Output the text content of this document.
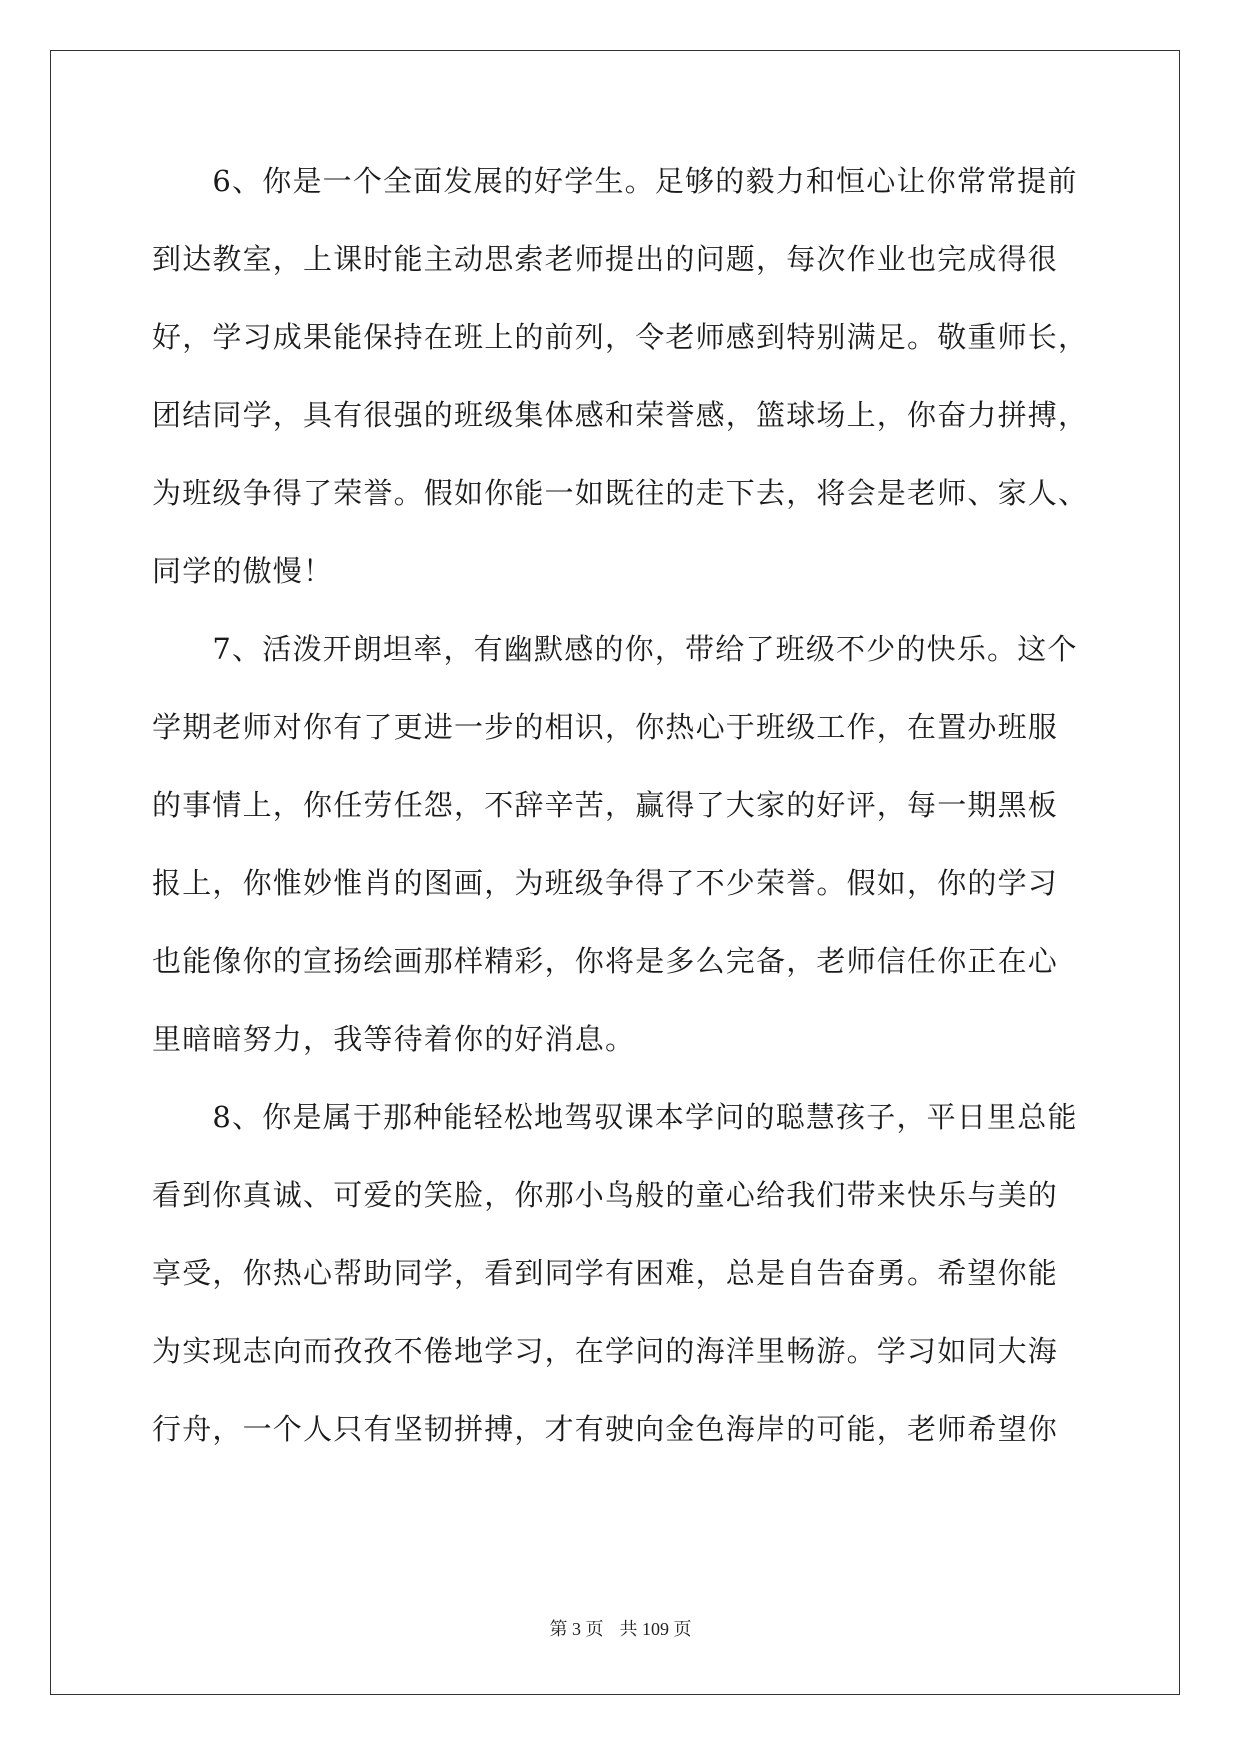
　　6、你是一个全面发展的好学生。足够的毅力和恒心让你常常提前
到达教室，上课时能主动思索老师提出的问题，每次作业也完成得很
好，学习成果能保持在班上的前列，令老师感到特别满足。敬重师长，
团结同学，具有很强的班级集体感和荣誉感，篮球场上，你奋力拼搏，
为班级争得了荣誉。假如你能一如既往的走下去，将会是老师、家人、
同学的傲慢！
　　7、活泼开朗坦率，有幽默感的你，带给了班级不少的快乐。这个
学期老师对你有了更进一步的相识，你热心于班级工作，在置办班服
的事情上，你任劳任怨，不辞辛苦，赢得了大家的好评，每一期黑板
报上，你惟妙惟肖的图画，为班级争得了不少荣誉。假如，你的学习
也能像你的宣扬绘画那样精彩，你将是多么完备，老师信任你正在心
里暗暗努力，我等待着你的好消息。
　　8、你是属于那种能轻松地驾驭课本学问的聪慧孩子，平日里总能
看到你真诚、可爱的笑脸，你那小鸟般的童心给我们带来快乐与美的
享受，你热心帮助同学，看到同学有困难，总是自告奋勇。希望你能
为实现志向而孜孜不倦地学习，在学问的海洋里畅游。学习如同大海
行舟，一个人只有坚韧拼搏，才有驶向金色海岸的可能，老师希望你
第 3 页 共 109 页
